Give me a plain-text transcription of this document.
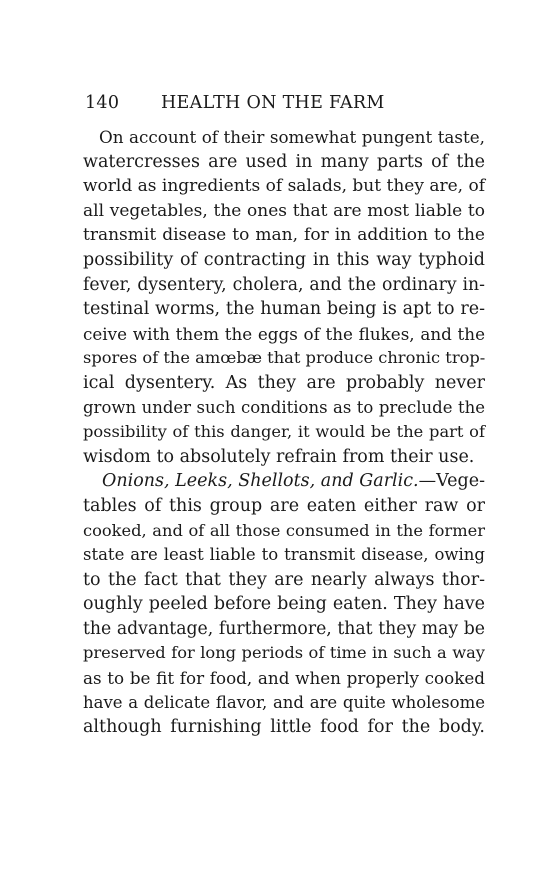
140 HEALTH ON THE FARM
On account of their somewhat pungent taste,
watercresses are used in many parts of the
world as ingredients of salads, but they are, of
all vegetables, the ones that are most liable to
transmit disease to man, for in addition to the
possibility of contracting in this way typhoid
fever, dysentery, cholera, and the ordinary in-
testinal worms, the human being is apt to re-
ceive with them the eggs of the flukes, and the
spores of the amœbæ that produce chronic trop-
ical dysentery. As they are probably never
grown under such conditions as to preclude the
possibility of this danger, it would be the part of
wisdom to absolutely refrain from their use.
Onions, Leeks, Shellots, and Garlic.—Vege-
tables of this group are eaten either raw or
cooked, and of all those consumed in the former
state are least liable to transmit disease, owing
to the fact that they are nearly always thor-
oughly peeled before being eaten. They have
the advantage, furthermore, that they may be
preserved for long periods of time in such a way
as to be fit for food, and when properly cooked
have a delicate flavor, and are quite wholesome
although furnishing little food for the body.
